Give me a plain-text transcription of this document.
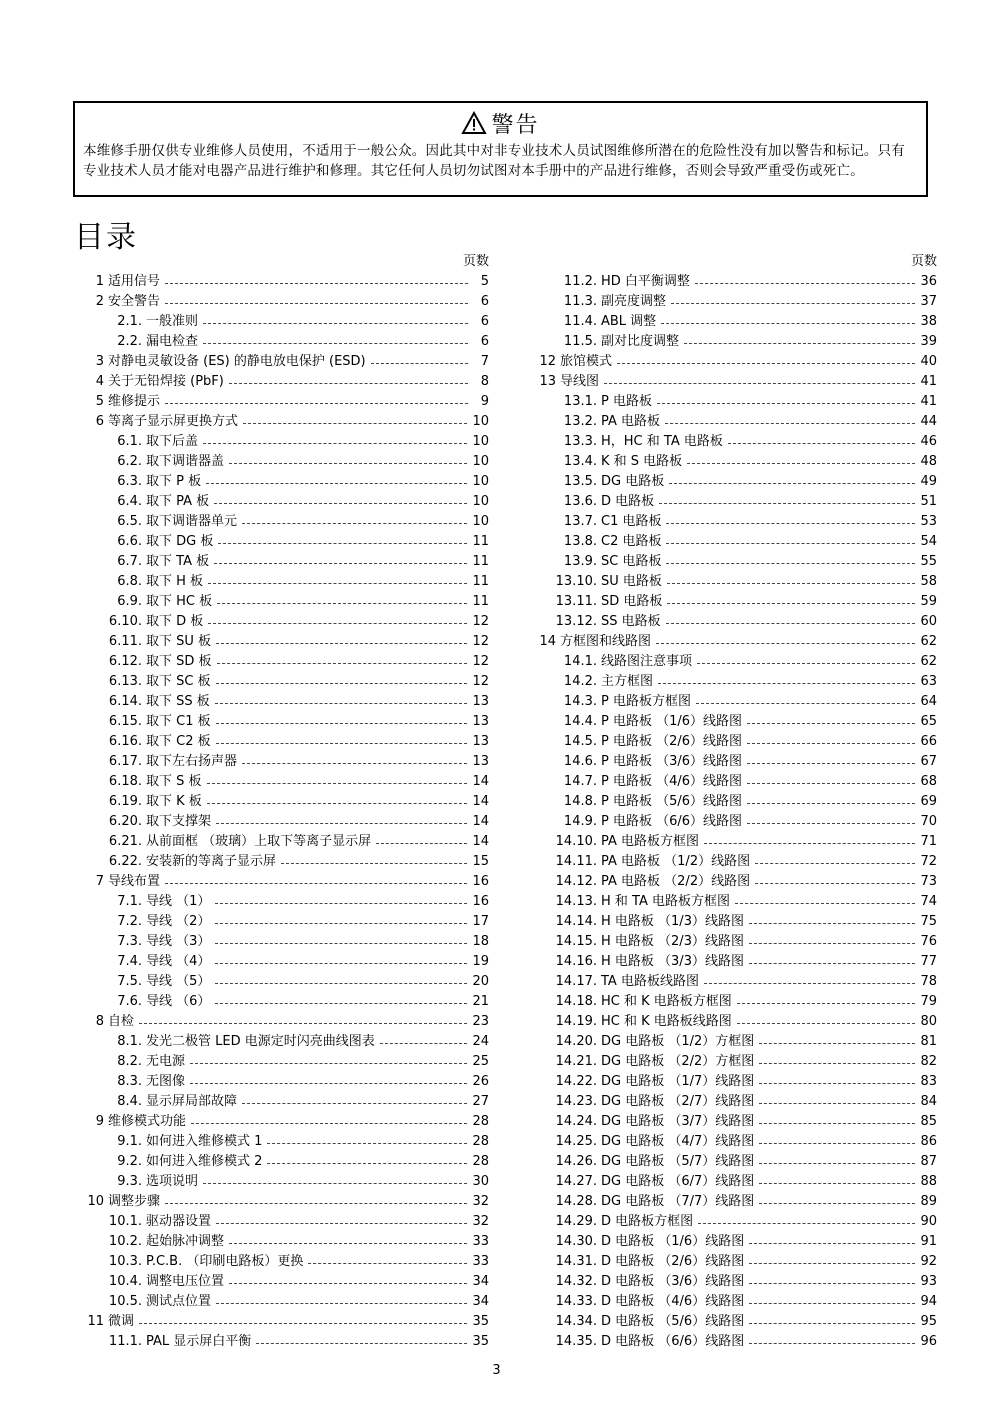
警告
本维修手册仅供专业维修人员使用，不适用于一般公众。因此其中对非专业技术人员试图维修所潜在的危险性没有加以警告和标记。只有专业技术人员才能对电器产品进行维护和修理。其它任何人员切勿试图对本手册中的产品进行维修，否则会导致严重受伤或死亡。
目录
页数
1 适用信号	5
2 安全警告	6
2.1. 一般准则	6
2.2. 漏电检查	6
3 对静电灵敏设备 (ES) 的静电放电保护 (ESD)	7
4 关于无铅焊接 (PbF)	8
5 维修提示	9
6 等离子显示屏更换方式	10
6.1. 取下后盖	10
6.2. 取下调谐器盖	10
6.3. 取下 P 板	10
6.4. 取下 PA 板	10
6.5. 取下调谐器单元	10
6.6. 取下 DG 板	11
6.7. 取下 TA 板	11
6.8. 取下 H 板	11
6.9. 取下 HC 板	11
6.10. 取下 D 板	12
6.11. 取下 SU 板	12
6.12. 取下 SD 板	12
6.13. 取下 SC 板	12
6.14. 取下 SS 板	13
6.15. 取下 C1 板	13
6.16. 取下 C2 板	13
6.17. 取下左右扬声器	13
6.18. 取下 S 板	14
6.19. 取下 K 板	14
6.20. 取下支撑架	14
6.21. 从前面框 （玻璃）上取下等离子显示屏	14
6.22. 安装新的等离子显示屏	15
7 导线布置	16
7.1. 导线 （1）	16
7.2. 导线 （2）	17
7.3. 导线 （3）	18
7.4. 导线 （4）	19
7.5. 导线 （5）	20
7.6. 导线 （6）	21
8 自检	23
8.1. 发光二极管 LED 电源定时闪亮曲线图表	24
8.2. 无电源	25
8.3. 无图像	26
8.4. 显示屏局部故障	27
9 维修模式功能	28
9.1. 如何进入维修模式 1	28
9.2. 如何进入维修模式 2	28
9.3. 选项说明	30
10 调整步骤	32
10.1. 驱动器设置	32
10.2. 起始脉冲调整	33
10.3. P.C.B. （印刷电路板）更换	33
10.4. 调整电压位置	34
10.5. 测试点位置	34
11 微调	35
11.1. PAL 显示屏白平衡	35
页数
11.2. HD 白平衡调整	36
11.3. 副亮度调整	37
11.4. ABL 调整	38
11.5. 副对比度调整	39
12 旅馆模式	40
13 导线图	41
13.1. P 电路板	41
13.2. PA 电路板	44
13.3. H，HC 和 TA 电路板	46
13.4. K 和 S 电路板	48
13.5. DG 电路板	49
13.6. D 电路板	51
13.7. C1 电路板	53
13.8. C2 电路板	54
13.9. SC 电路板	55
13.10. SU 电路板	58
13.11. SD 电路板	59
13.12. SS 电路板	60
14 方框图和线路图	62
14.1. 线路图注意事项	62
14.2. 主方框图	63
14.3. P 电路板方框图	64
14.4. P 电路板 （1/6）线路图	65
14.5. P 电路板 （2/6）线路图	66
14.6. P 电路板 （3/6）线路图	67
14.7. P 电路板 （4/6）线路图	68
14.8. P 电路板 （5/6）线路图	69
14.9. P 电路板 （6/6）线路图	70
14.10. PA 电路板方框图	71
14.11. PA 电路板 （1/2）线路图	72
14.12. PA 电路板 （2/2）线路图	73
14.13. H 和 TA 电路板方框图	74
14.14. H 电路板 （1/3）线路图	75
14.15. H 电路板 （2/3）线路图	76
14.16. H 电路板 （3/3）线路图	77
14.17. TA 电路板线路图	78
14.18. HC 和 K 电路板方框图	79
14.19. HC 和 K 电路板线路图	80
14.20. DG 电路板 （1/2）方框图	81
14.21. DG 电路板 （2/2）方框图	82
14.22. DG 电路板 （1/7）线路图	83
14.23. DG 电路板 （2/7）线路图	84
14.24. DG 电路板 （3/7）线路图	85
14.25. DG 电路板 （4/7）线路图	86
14.26. DG 电路板 （5/7）线路图	87
14.27. DG 电路板 （6/7）线路图	88
14.28. DG 电路板 （7/7）线路图	89
14.29. D 电路板方框图	90
14.30. D 电路板 （1/6）线路图	91
14.31. D 电路板 （2/6）线路图	92
14.32. D 电路板 （3/6）线路图	93
14.33. D 电路板 （4/6）线路图	94
14.34. D 电路板 （5/6）线路图	95
14.35. D 电路板 （6/6）线路图	96
3
